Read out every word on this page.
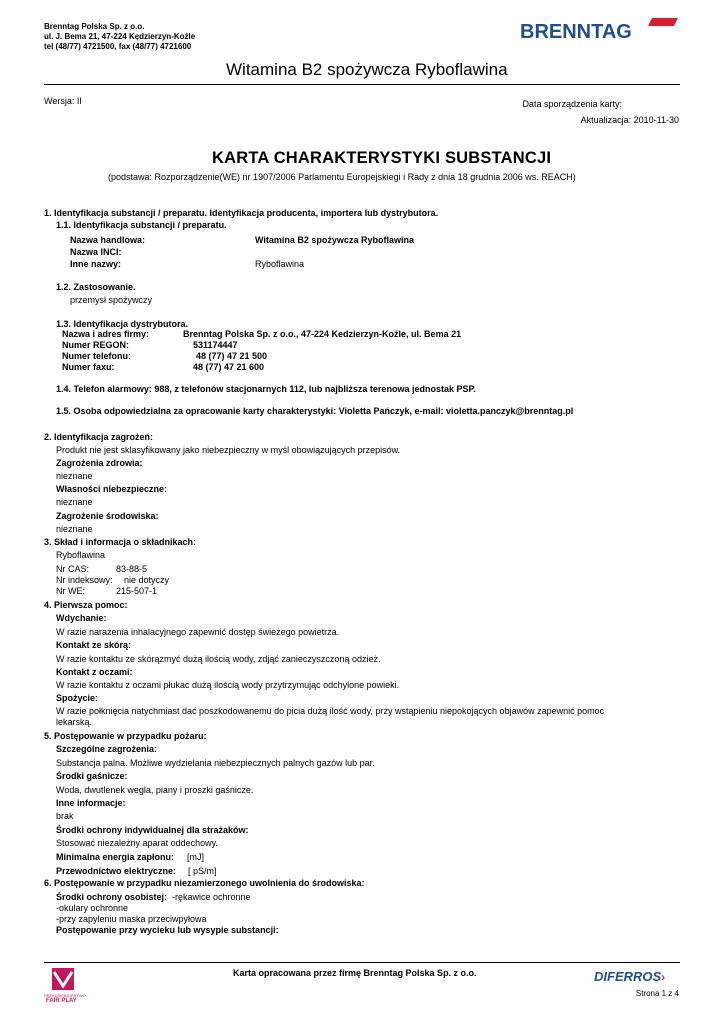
Brenntag Polska Sp. z o.o.
ul. J. Bema 21, 47-224 Kędzierzyn-Koźle
tel (48/77) 4721500, fax (48/77) 4721600
BRENNTAG
Witamina B2 spożywcza Ryboflawina
Wersja: II	Data sporządzenia karty:
Aktualizacja: 2010-11-30
KARTA CHARAKTERYSTYKI SUBSTANCJI
(podstawa: Rozporządzenie(WE) nr 1907/2006 Parlamentu Europejskiegi i Rady z dnia 18 grudnia 2006 ws. REACH)
1. Identyfikacja substancji / preparatu. Identyfikacja producenta, importera lub dystrybutora.
1.1. Identyfikacja substancji / preparatu.
Nazwa handlowa:	Witamina B2 spożywcza Ryboflawina
Nazwa INCI:
Inne nazwy:	Ryboflawina
1.2. Zastosowanie.
przemysł spożywczy
1.3. Identyfikacja dystrybutora.
Nazwa i adres firmy:	Brenntag Polska Sp. z o.o., 47-224 Kedzierzyn-Koźle, ul. Bema 21
Numer REGON:	531174447
Numer telefonu:	48 (77) 47 21 500
Numer faxu:	48 (77) 47 21 600
1.4. Telefon alarmowy: 988, z telefonów stacjonarnych 112, lub najbliższa terenowa jednostak PSP.
1.5. Osoba odpowiedzialna za opracowanie karty charakterystyki: Violetta Pańczyk, e-mail: violetta.panczyk@brenntag.pl
2. Identyfikacja zagrożeń:
Produkt nie jest sklasyfikowany jako niebezpieczny w myśl obowiązujących przepisów.
Zagrożenia zdrowia:
nieznane
Własności niebezpieczne:
nieznane
Zagrożenie środowiska:
nieznane
3. Skład i informacja o składnikach:
Ryboflawina
Nr CAS:	83-88-5
Nr indeksowy: nie dotyczy
Nr WE:	215-507-1
4. Pierwsza pomoc:
Wdychanie:
W razie narażenia inhalacyjnego zapewnić dostęp świeżego powietrza.
Kontakt ze skórą:
W razie kontaktu ze skórązmyć dużą ilością wody, zdjąć zanieczyszczoną odzież.
Kontakt z oczami:
W razie kontaktu z oczami płukac dużą ilością wody przytrzymując odchylone powieki.
Spożycie:
W razie połknięcia natychmiast dać poszkodowanemu do picia dużą ilość wody, przy wstąpieniu niepokojących objawów zapewnić pomoc
lekarską.
5. Postępowanie w przypadku pożaru:
Szczególne zagrożenia:
Substancja palna. Możliwe wydzielania niebezpiecznych palnych gazów lub par.
Środki gaśnicze:
Woda, dwutlenek wegla, piany i proszki gaśnicze.
Inne informacje:
brak
Środki ochrony indywidualnej dla strażaków:
Stosować niezależny aparat oddechowy.
Minimalna energia zapłonu: [mJ]
Przewodnictwo elektryczne: [ pS/m]
6. Postępowanie w przypadku niezamierzonego uwolnienia do środowiska:
Środki ochrony osobistej: -rękawice ochronne
-okulary ochronne
-przy zapyleniu maska przeciwpyłowa
Postępowanie przy wycieku lub wysypie substancji:
PRZEDSIĘBIORSTWO
FAIR PLAY
Karta opracowana przez firmę Brenntag Polska Sp. z o.o.	DIFERROS›
Strona 1 z 4
